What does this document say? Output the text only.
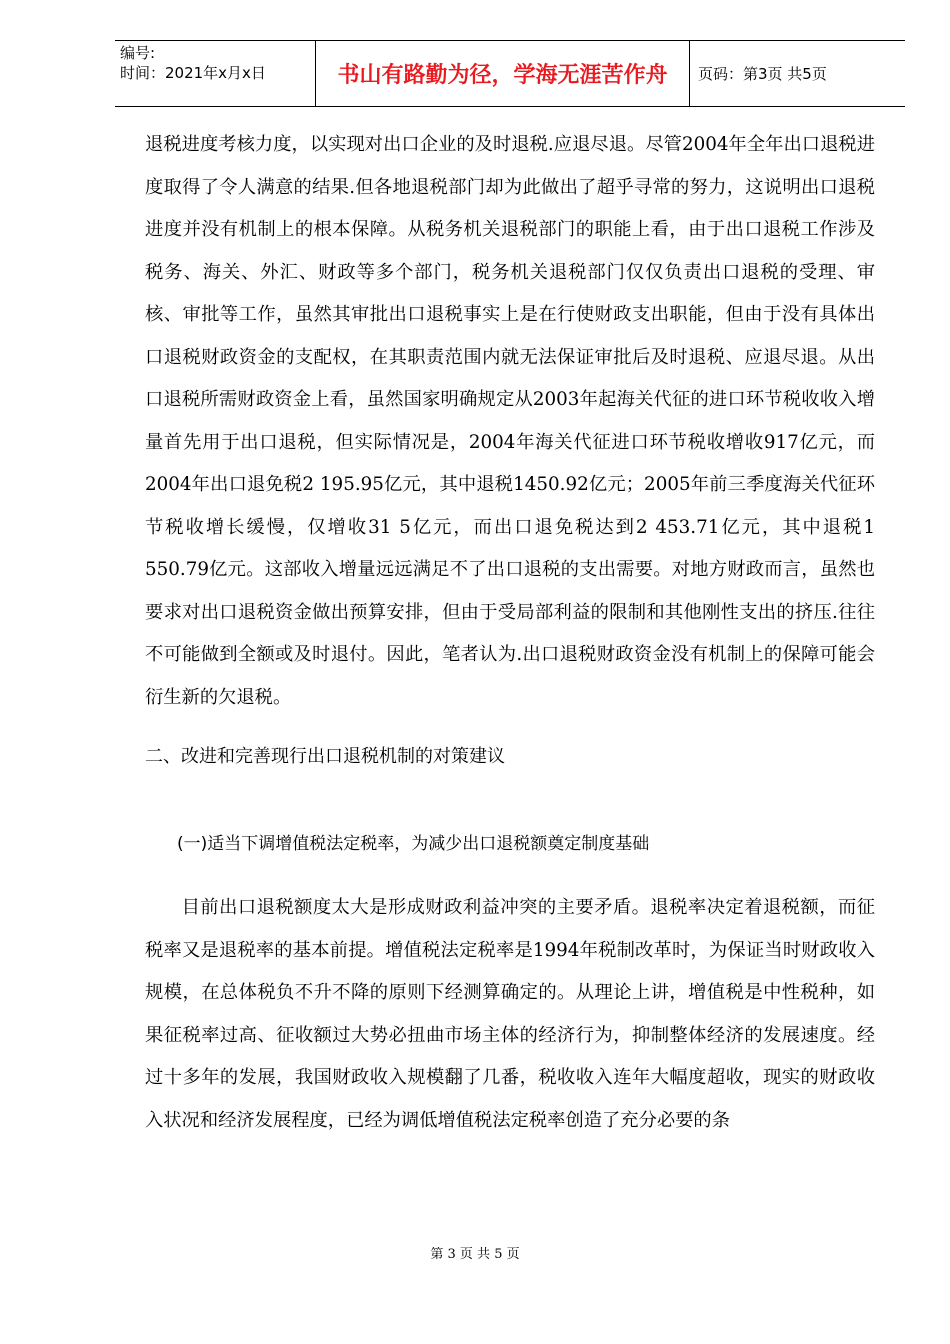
编号:
时间：2021年x月x日	书山有路勤为径，学海无涯苦作舟	页码：第3页 共5页

退税进度考核力度，以实现对出口企业的及时退税.应退尽退。尽管2004年全年出口退税进度取得了令人满意的结果.但各地退税部门却为此做出了超乎寻常的努力，这说明出口退税进度并没有机制上的根本保障。从税务机关退税部门的职能上看，由于出口退税工作涉及税务、海关、外汇、财政等多个部门，税务机关退税部门仅仅负责出口退税的受理、审核、审批等工作，虽然其审批出口退税事实上是在行使财政支出职能，但由于没有具体出口退税财政资金的支配权，在其职责范围内就无法保证审批后及时退税、应退尽退。从出口退税所需财政资金上看，虽然国家明确规定从2003年起海关代征的进口环节税收收入增量首先用于出口退税，但实际情况是，2004年海关代征进口环节税收增收917亿元，而2004年出口退免税2 195.95亿元，其中退税1450.92亿元；2005年前三季度海关代征环节税收增长缓慢，仅增收31 5亿元，而出口退免税达到2 453.71亿元，其中退税1 550.79亿元。这部收入增量远远满足不了出口退税的支出需要。对地方财政而言，虽然也要求对出口退税资金做出预算安排，但由于受局部利益的限制和其他刚性支出的挤压.往往不可能做到全额或及时退付。因此，笔者认为.出口退税财政资金没有机制上的保障可能会衍生新的欠退税。

二、改进和完善现行出口退税机制的对策建议
(一)适当下调增值税法定税率，为减少出口退税额奠定制度基础

目前出口退税额度太大是形成财政利益冲突的主要矛盾。退税率决定着退税额，而征税率又是退税率的基本前提。增值税法定税率是1994年税制改革时，为保证当时财政收入规模，在总体税负不升不降的原则下经测算确定的。从理论上讲，增值税是中性税种，如果征税率过高、征收额过大势必扭曲市场主体的经济行为，抑制整体经济的发展速度。经过十多年的发展，我国财政收入规模翻了几番，税收收入连年大幅度超收，现实的财政收入状况和经济发展程度，已经为调低增值税法定税率创造了充分必要的条

第 3 页 共 5 页
